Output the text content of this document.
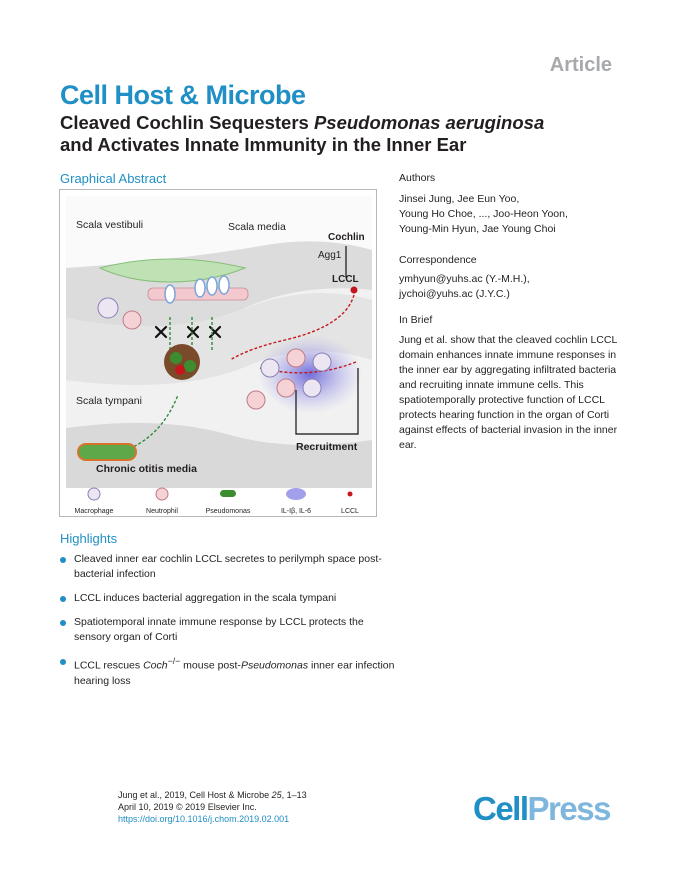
Article
Cell Host & Microbe
Cleaved Cochlin Sequesters Pseudomonas aeruginosa
and Activates Innate Immunity in the Inner Ear
Graphical Abstract
Scala vestibuli	Scala media
Cochlin
Agg1
LCCL
Scala tympani
Recruitment
Chronic otitis media
Macrophage	Neutrophil	Pseudomonas	IL-Iβ, IL-6	LCCL
Authors
Jinsei Jung, Jee Eun Yoo,
Young Ho Choe, ..., Joo-Heon Yoon,
Young-Min Hyun, Jae Young Choi
Correspondence
ymhyun@yuhs.ac (Y.-M.H.),
jychoi@yuhs.ac (J.Y.C.)
In Brief
Jung et al. show that the cleaved cochlin LCCL domain enhances innate immune responses in the inner ear by aggregating infiltrated bacteria and recruiting innate immune cells. This spatiotemporally protective function of LCCL protects hearing function in the organ of Corti against effects of bacterial invasion in the inner ear.
Highlights
Cleaved inner ear cochlin LCCL secretes to perilymph space post-bacterial infection
LCCL induces bacterial aggregation in the scala tympani
Spatiotemporal innate immune response by LCCL protects the sensory organ of Corti
LCCL rescues Coch−/− mouse post-Pseudomonas inner ear infection hearing loss
Jung et al., 2019, Cell Host & Microbe 25, 1–13
April 10, 2019 © 2019 Elsevier Inc.
https://doi.org/10.1016/j.chom.2019.02.001	CellPress
